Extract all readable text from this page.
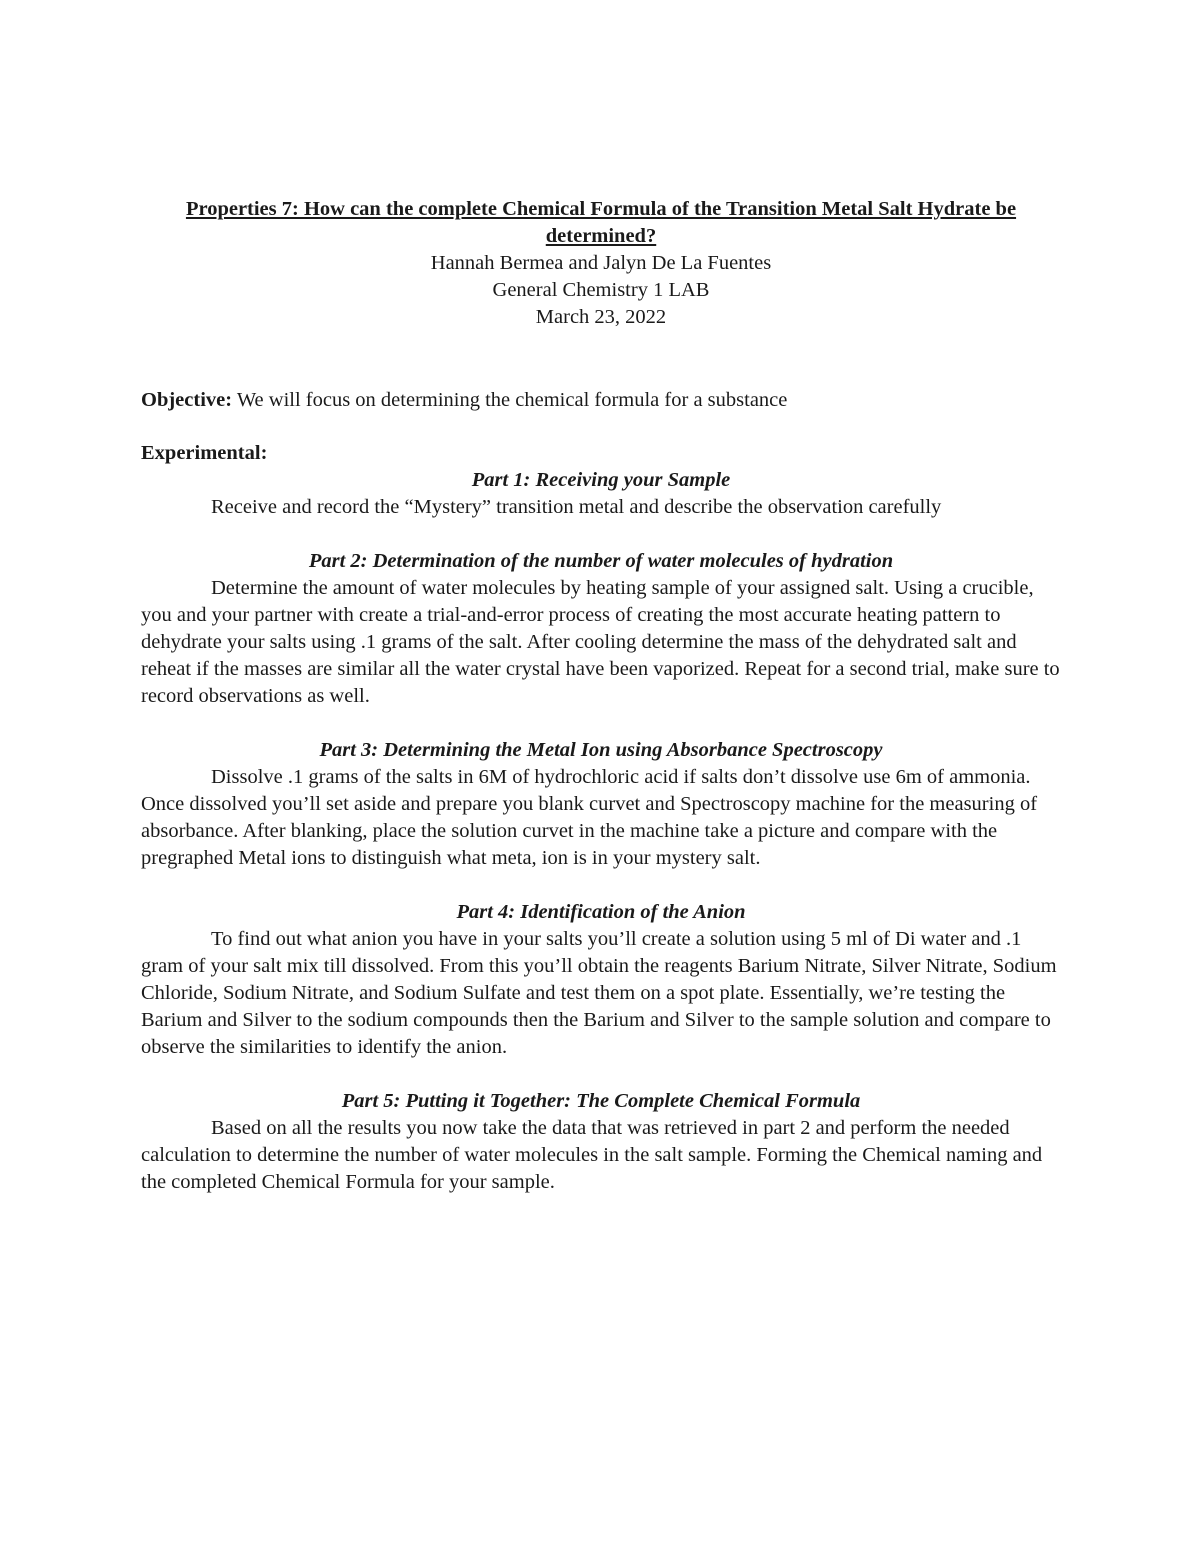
Properties 7: How can the complete Chemical Formula of the Transition Metal Salt Hydrate be determined?

Hannah Bermea and Jalyn De La Fuentes

General Chemistry 1 LAB

March 23, 2022

Objective: We will focus on determining the chemical formula for a substance

Experimental:

Part 1: Receiving your Sample

Receive and record the “Mystery” transition metal and describe the observation carefully

Part 2: Determination of the number of water molecules of hydration

Determine the amount of water molecules by heating sample of your assigned salt. Using a crucible, you and your partner with create a trial-and-error process of creating the most accurate heating pattern to dehydrate your salts using .1 grams of the salt. After cooling determine the mass of the dehydrated salt and reheat if the masses are similar all the water crystal have been vaporized. Repeat for a second trial, make sure to record observations as well.

Part 3: Determining the Metal Ion using Absorbance Spectroscopy

Dissolve .1 grams of the salts in 6M of hydrochloric acid if salts don’t dissolve use 6m of ammonia. Once dissolved you’ll set aside and prepare you blank curvet and Spectroscopy machine for the measuring of absorbance. After blanking, place the solution curvet in the machine take a picture and compare with the pregraphed Metal ions to distinguish what meta, ion is in your mystery salt.

Part 4: Identification of the Anion

To find out what anion you have in your salts you’ll create a solution using 5 ml of Di water and .1 gram of your salt mix till dissolved. From this you’ll obtain the reagents Barium Nitrate, Silver Nitrate, Sodium Chloride, Sodium Nitrate, and Sodium Sulfate and test them on a spot plate. Essentially, we’re testing the Barium and Silver to the sodium compounds then the Barium and Silver to the sample solution and compare to observe the similarities to identify the anion.

Part 5: Putting it Together: The Complete Chemical Formula

Based on all the results you now take the data that was retrieved in part 2 and perform the needed calculation to determine the number of water molecules in the salt sample. Forming the Chemical naming and the completed Chemical Formula for your sample.
